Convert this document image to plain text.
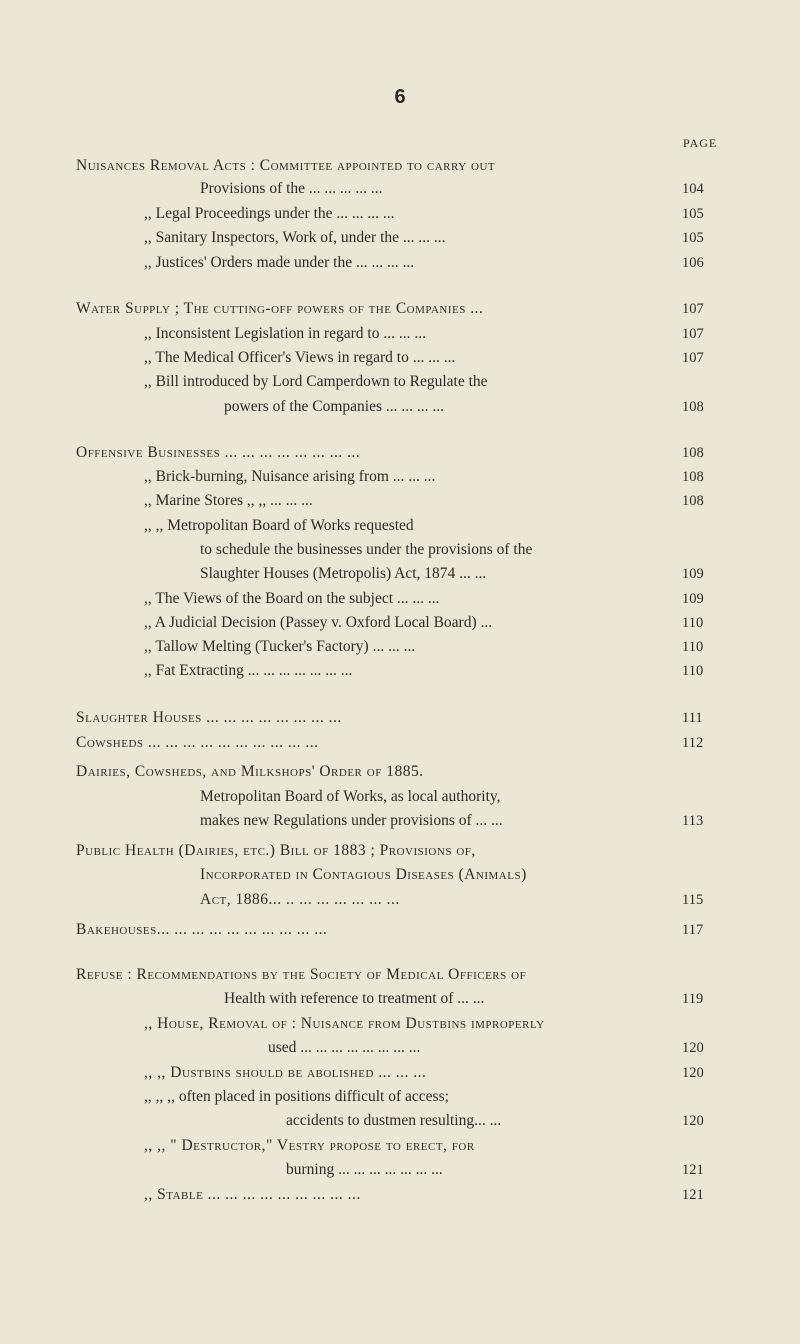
6
PAGE
Nuisances Removal Acts : Committee appointed to carry out
Provisions of the ... ... ... ... ...	104
,, Legal Proceedings under the ... ... ... ...	105
,, Sanitary Inspectors, Work of, under the ... ... ...	105
,, Justices' Orders made under the ... ... ... ...	106
Water Supply ; The cutting-off powers of the Companies ...	107
,, Inconsistent Legislation in regard to ... ... ...	107
,, The Medical Officer's Views in regard to ... ... ...	107
,, Bill introduced by Lord Camperdown to Regulate the
powers of the Companies ... ... ... ...	108
Offensive Businesses ... ... ... ... ... ... ... ...	108
,, Brick-burning, Nuisance arising from ... ... ...	108
,, Marine Stores ,, ,, ... ... ...	108
,, ,, Metropolitan Board of Works requested
to schedule the businesses under the provisions of the
Slaughter Houses (Metropolis) Act, 1874 ... ...	109
,, The Views of the Board on the subject ... ... ...	109
,, A Judicial Decision (Passey v. Oxford Local Board) ...	110
,, Tallow Melting (Tucker's Factory) ... ... ...	110
,, Fat Extracting ... ... ... ... ... ... ...	110
Slaughter Houses ... ... ... ... ... ... ... ...	111
Cowsheds ... ... ... ... ... ... ... ... ... ...	112
Dairies, Cowsheds, and Milkshops' Order of 1885.
Metropolitan Board of Works, as local authority,
makes new Regulations under provisions of ... ...	113
Public Health (Dairies, etc.) Bill of 1883 ; Provisions of,
Incorporated in Contagious Diseases (Animals)
Act, 1886... .. ... ... ... ... ... ...	115
Bakehouses... ... ... ... ... ... ... ... ... ...	117
Refuse : Recommendations by the Society of Medical Officers of
Health with reference to treatment of ... ...	119
,, House, Removal of : Nuisance from Dustbins improperly
used ... ... ... ... ... ... ... ...	120
,, ,, Dustbins should be abolished ... ... ...	120
,, ,, ,, often placed in positions difficult of access;
accidents to dustmen resulting... ...	120
,, ,, " Destructor," Vestry propose to erect, for
burning ... ... ... ... ... ... ...	121
,, Stable ... ... ... ... ... ... ... ... ...	121
